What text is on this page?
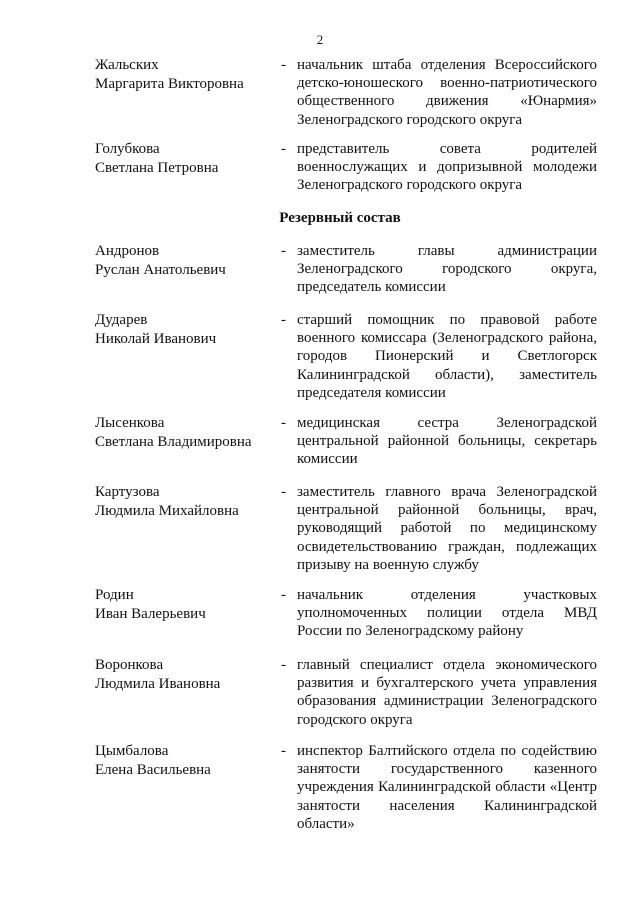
2
Жальских
Маргарита Викторовна
- начальник штаба отделения Всероссийского детско-юношеского военно-патриотического общественного движения «Юнармия» Зеленоградского городского округа
Голубкова
Светлана Петровна
- представитель совета родителей военнослужащих и допризывной молодежи Зеленоградского городского округа
Резервный состав
Андронов
Руслан Анатольевич
- заместитель главы администрации Зеленоградского городского округа, председатель комиссии
Дударев
Николай Иванович
- старший помощник по правовой работе военного комиссара (Зеленоградского района, городов Пионерский и Светлогорск Калининградской области), заместитель председателя комиссии
Лысенкова
Светлана Владимировна
- медицинская сестра Зеленоградской центральной районной больницы, секретарь комиссии
Картузова
Людмила Михайловна
- заместитель главного врача Зеленоградской центральной районной больницы, врач, руководящий работой по медицинскому освидетельствованию граждан, подлежащих призыву на военную службу
Родин
Иван Валерьевич
- начальник отделения участковых уполномоченных полиции отдела МВД России по Зеленоградскому району
Воронкова
Людмила Ивановна
- главный специалист отдела экономического развития и бухгалтерского учета управления образования администрации Зеленоградского городского округа
Цымбалова
Елена Васильевна
- инспектор Балтийского отдела по содействию занятости государственного казенного учреждения Калининградской области «Центр занятости населения Калининградской области»
